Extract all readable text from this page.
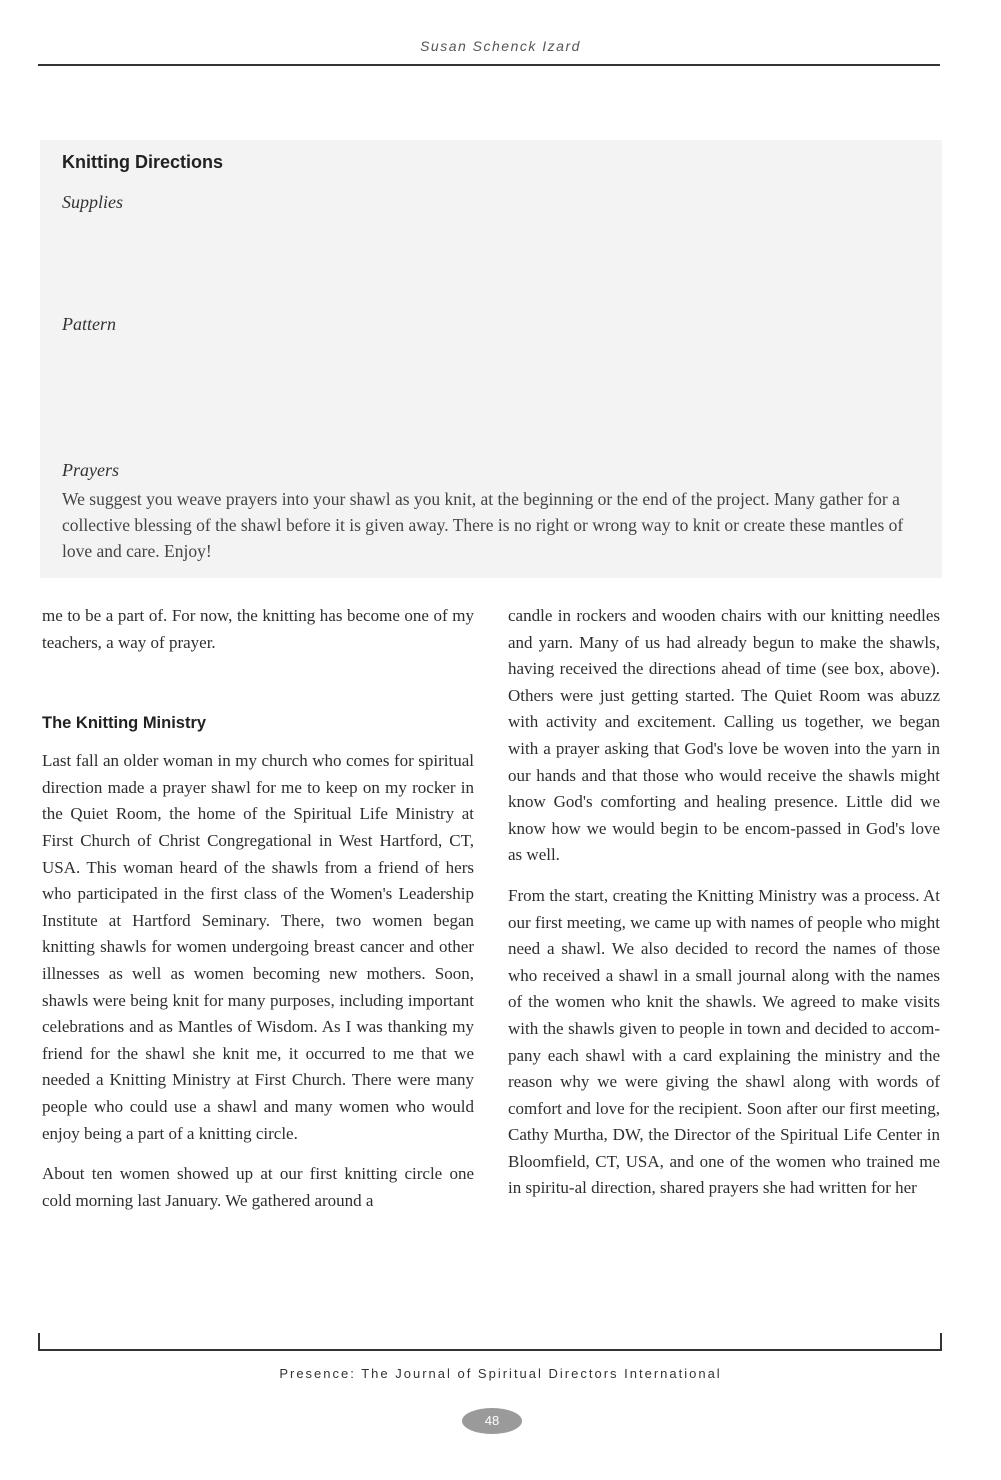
Susan Schenck Izard
Knitting Directions
Supplies
Pattern
Prayers
We suggest you weave prayers into your shawl as you knit, at the beginning or the end of the project. Many gather for a collective blessing of the shawl before it is given away. There is no right or wrong way to knit or create these mantles of love and care. Enjoy!

me to be a part of. For now, the knitting has become one of my teachers, a way of prayer.

The Knitting Ministry

Last fall an older woman in my church who comes for spiritual direction made a prayer shawl for me to keep on my rocker in the Quiet Room, the home of the Spiritual Life Ministry at First Church of Christ Congregational in West Hartford, CT, USA. This woman heard of the shawls from a friend of hers who participated in the first class of the Women's Leadership Institute at Hartford Seminary. There, two women began knitting shawls for women undergoing breast cancer and other illnesses as well as women becoming new mothers. Soon, shawls were being knit for many purposes, including important celebrations and as Mantles of Wisdom. As I was thanking my friend for the shawl she knit me, it occurred to me that we needed a Knitting Ministry at First Church. There were many people who could use a shawl and many women who would enjoy being a part of a knitting circle.

About ten women showed up at our first knitting circle one cold morning last January. We gathered around a

candle in rockers and wooden chairs with our knitting needles and yarn. Many of us had already begun to make the shawls, having received the directions ahead of time (see box, above). Others were just getting started. The Quiet Room was abuzz with activity and excitement. Calling us together, we began with a prayer asking that God's love be woven into the yarn in our hands and that those who would receive the shawls might know God's comforting and healing presence. Little did we know how we would begin to be encom-passed in God's love as well.

From the start, creating the Knitting Ministry was a process. At our first meeting, we came up with names of people who might need a shawl. We also decided to record the names of those who received a shawl in a small journal along with the names of the women who knit the shawls. We agreed to make visits with the shawls given to people in town and decided to accom-pany each shawl with a card explaining the ministry and the reason why we were giving the shawl along with words of comfort and love for the recipient. Soon after our first meeting, Cathy Murtha, DW, the Director of the Spiritual Life Center in Bloomfield, CT, USA, and one of the women who trained me in spiritu-al direction, shared prayers she had written for her

Presence: The Journal of Spiritual Directors International
48
